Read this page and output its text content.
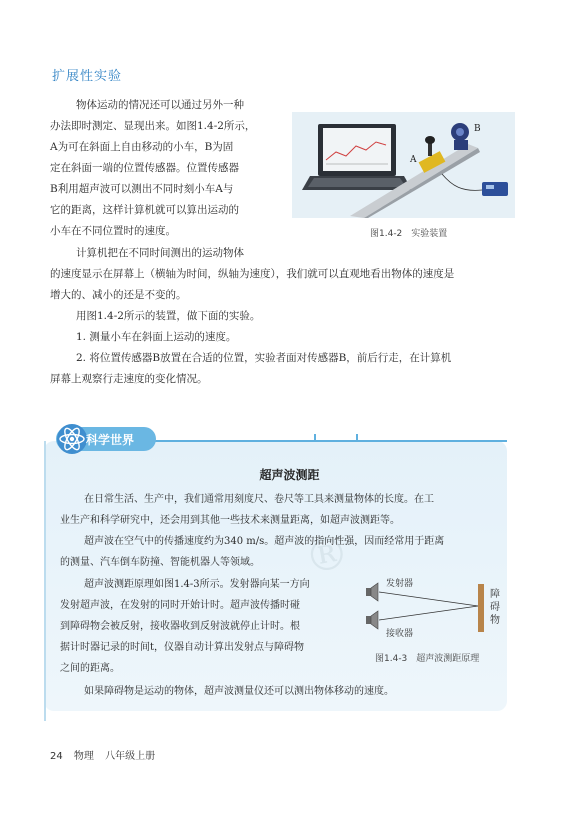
扩展性实验
物体运动的情况还可以通过另外一种
办法即时测定、显现出来。如图1.4-2所示，
A为可在斜面上自由移动的小车，B为固
定在斜面一端的位置传感器。位置传感器
B利用超声波可以测出不同时刻小车A与
它的距离，这样计算机就可以算出运动的
小车在不同位置时的速度。
A
B
图1.4-2　实验装置
计算机把在不同时间测出的运动物体
的速度显示在屏幕上（横轴为时间，纵轴为速度），我们就可以直观地看出物体的速度是
增大的、减小的还是不变的。
用图1.4-2所示的装置，做下面的实验。
1. 测量小车在斜面上运动的速度。
2. 将位置传感器B放置在合适的位置，实验者面对传感器B，前后行走，在计算机
屏幕上观察行走速度的变化情况。
科学世界
超声波测距
®
在日常生活、生产中，我们通常用刻度尺、卷尺等工具来测量物体的长度。在工
业生产和科学研究中，还会用到其他一些技术来测量距离，如超声波测距等。
超声波在空气中的传播速度约为340 m/s。超声波的指向性强，因而经常用于距离
的测量、汽车倒车防撞、智能机器人等领域。
超声波测距原理如图1.4-3所示。发射器向某一方向
发射超声波，在发射的同时开始计时。超声波传播时碰
到障碍物会被反射，接收器收到反射波就停止计时。根
据计时器记录的时间t，仪器自动计算出发射点与障碍物
之间的距离。
如果障碍物是运动的物体，超声波测量仪还可以测出物体移动的速度。
发射器
接收器
障
碍
物
图1.4-3　超声波测距原理
24 物理 八年级上册
